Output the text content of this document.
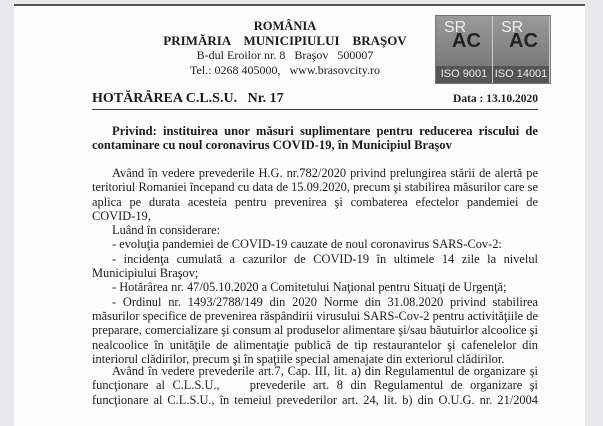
ROMÂNIA
PRIMĂRIA    MUNICIPIULUI    BRAŞOV
B-dul Eroilor nr. 8   Braşov   500007
Tel.: 0268 405000,   www.brasovcity.ro
SR
AC
ISO 9001
SR
AC
ISO 14001
HOTĂRÂREA C.L.S.U.   Nr. 17	Data : 13.10.2020
Privind: instituirea unor măsuri suplimentare pentru reducerea riscului de
contaminare cu noul coronavirus COVID-19, în Municipiul Braşov
Având în vedere prevederile H.G. nr.782/2020 privind prelungirea stării de alertă pe
teritoriul Romaniei începand cu data de 15.09.2020, precum şi stabilirea măsurilor care se
aplica pe durata acesteia pentru prevenirea şi combaterea efectelor pandemiei de
COVID-19,
Luând în considerare:
- evoluţia pandemiei de COVID-19 cauzate de noul coronavirus SARS-Cov-2:
- incidenţa cumulată a cazurilor de COVID-19 în ultimele 14 zile la nivelul
Municipiului Braşov;
- Hotărârea nr. 47/05.10.2020 a Comitetului Naţional pentru Situaţi de Urgenţă;
- Ordinul nr. 1493/2788/149 din 2020 Norme din 31.08.2020 privind stabilirea
măsurilor specifice de prevenirea răspândirii virusului SARS-Cov-2 pentru activităţiile de
preparare, comercializare şi consum al produselor alimentare şi/sau băutuirlor alcoolice şi
nealcoolice în unităţile de alimentaţie publică de tip restaurantelor şi cafenelelor din
interiorul clădirilor, precum şi în spaţiile special amenajate din exteriorul clădirilor.
Având în vedere prevederile art.7, Cap. III, lit. a) din Regulamentul de organizare şi
funcţionare al C.L.S.U.,    prevederile art. 8 din Regulamentul de organizare şi
funcţionare al C.L.S.U., în temeiul prevederilor art. 24, lit. b) din O.U.G. nr. 21/2004
